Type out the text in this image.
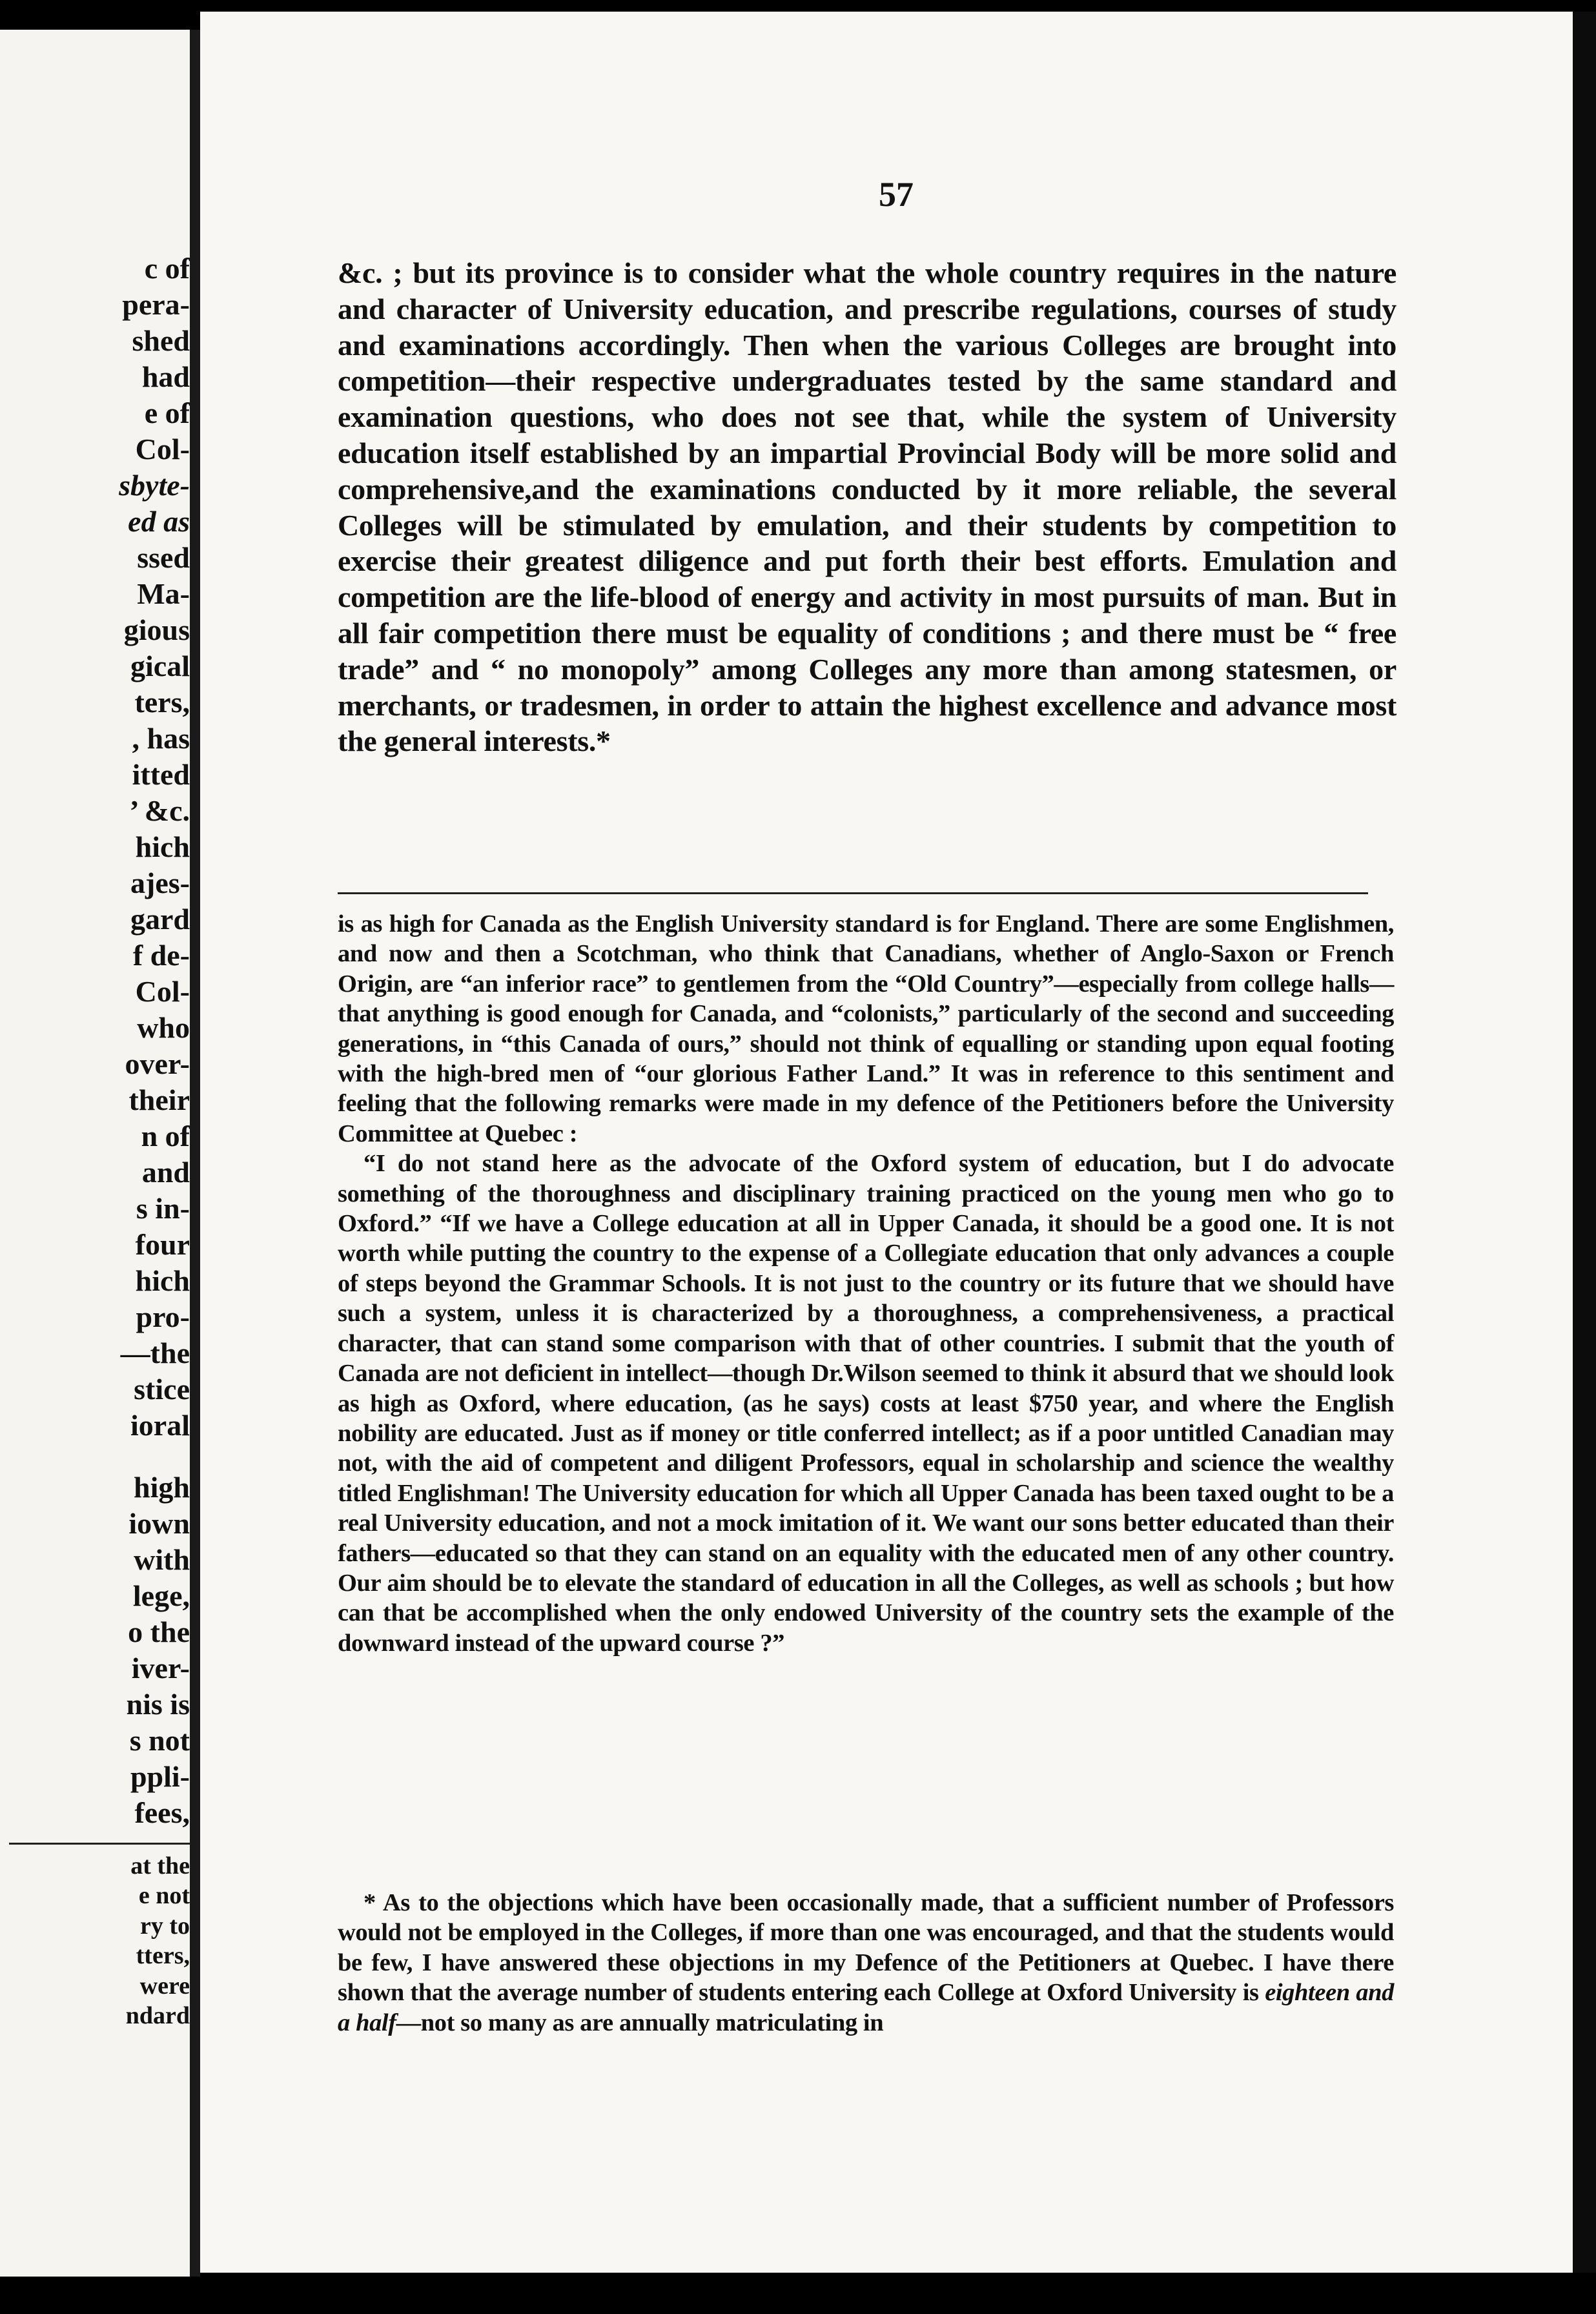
c of
pera-
shed
had
e of
Col-
sbyte-
ed as
ssed
Ma-
gious
gical
ters,
, has
itted
’ &c.
hich
ajes-
gard
f de-
Col-
who
over-
their
n of
and
s in-
four
hich
pro-
—the
stice
ioral
high
iown
with
lege,
o the
iver-
nis is
s not
ppli-
fees,
at the
e not
ry to
tters,
were
ndard
57

&c. ; but its province is to consider what the whole country requires in the nature and character of University education, and prescribe regulations, courses of study and examinations accordingly. Then when the various Colleges are brought into competition—their respective undergraduates tested by the same standard and examination questions, who does not see that, while the system of University education itself established by an impartial Provincial Body will be more solid and comprehensive,and the examinations conducted by it more reliable, the several Colleges will be stimulated by emulation, and their students by competition to exercise their greatest diligence and put forth their best efforts. Emulation and competition are the life-blood of energy and activity in most pursuits of man. But in all fair competition there must be equality of conditions ; and there must be “ free trade” and “ no monopoly” among Colleges any more than among statesmen, or merchants, or tradesmen, in order to attain the highest excellence and advance most the general interests.*

is as high for Canada as the English University standard is for England. There are some Englishmen, and now and then a Scotchman, who think that Canadians, whether of Anglo-Saxon or French Origin, are “an inferior race” to gentlemen from the “Old Country”—especially from college halls—that anything is good enough for Canada, and “colonists,” particularly of the second and succeeding generations, in “this Canada of ours,” should not think of equalling or standing upon equal footing with the high-bred men of “our glorious Father Land.” It was in reference to this sentiment and feeling that the following remarks were made in my defence of the Petitioners before the University Committee at Quebec :

“I do not stand here as the advocate of the Oxford system of education, but I do advocate something of the thoroughness and disciplinary training practiced on the young men who go to Oxford.” “If we have a College education at all in Upper Canada, it should be a good one. It is not worth while putting the country to the expense of a Collegiate education that only advances a couple of steps beyond the Grammar Schools. It is not just to the country or its future that we should have such a system, unless it is characterized by a thoroughness, a comprehensiveness, a practical character, that can stand some comparison with that of other countries. I submit that the youth of Canada are not deficient in intellect—though Dr.Wilson seemed to think it absurd that we should look as high as Oxford, where education, (as he says) costs at least $750 year, and where the English nobility are educated. Just as if money or title conferred intellect; as if a poor untitled Canadian may not, with the aid of competent and diligent Professors, equal in scholarship and science the wealthy titled Englishman! The University education for which all Upper Canada has been taxed ought to be a real University education, and not a mock imitation of it. We want our sons better educated than their fathers—educated so that they can stand on an equality with the educated men of any other country. Our aim should be to elevate the standard of education in all the Colleges, as well as schools ; but how can that be accomplished when the only endowed University of the country sets the example of the downward instead of the upward course ?”

* As to the objections which have been occasionally made, that a sufficient number of Professors would not be employed in the Colleges, if more than one was encouraged, and that the students would be few, I have answered these objections in my Defence of the Petitioners at Quebec. I have there shown that the average number of students entering each College at Oxford University is eighteen and a half—not so many as are annually matriculating in
